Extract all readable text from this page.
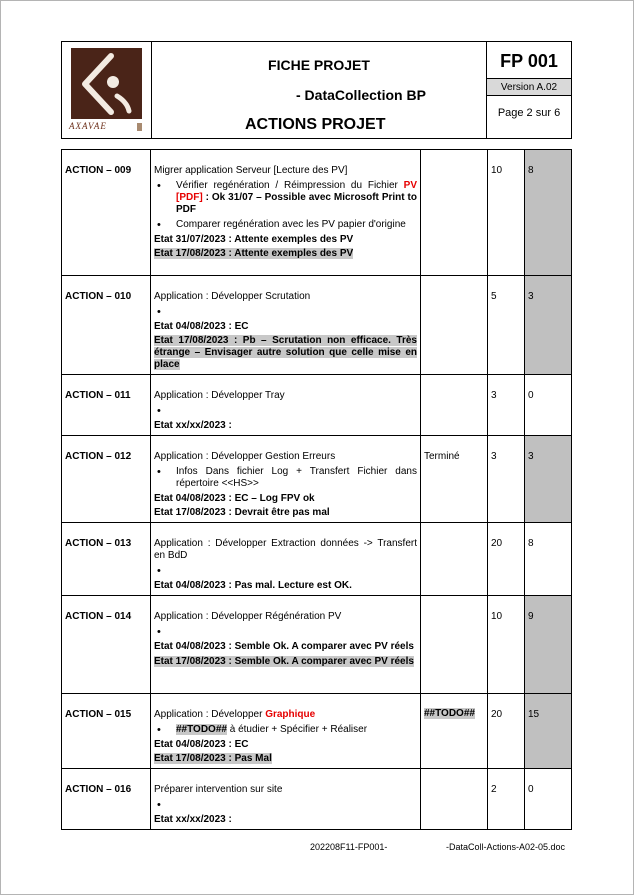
AXAVAE
FICHE PROJET
- DataCollection BP
ACTIONS PROJET
FP 001
Version A.02
Page 2 sur 6
ACTION – 009	Migrer application Serveur [Lecture des PV]
• Vérifier regénération / Réimpression du Fichier PV [PDF] : Ok 31/07 – Possible avec Microsoft Print to PDF
• Comparer regénération avec les PV papier d'origine
Etat 31/07/2023 : Attente exemples des PV
Etat 17/08/2023 : Attente exemples des PV		10	8
ACTION – 010	Application : Développer Scrutation
•
Etat 04/08/2023 : EC
Etat 17/08/2023 : Pb – Scrutation non efficace. Très étrange – Envisager autre solution que celle mise en place		5	3
ACTION – 011	Application : Développer Tray
•
Etat xx/xx/2023 :		3	0
ACTION – 012	Application : Développer Gestion Erreurs
• Infos Dans fichier Log + Transfert Fichier dans répertoire <<HS>>
Etat 04/08/2023 : EC – Log FPV ok
Etat 17/08/2023 : Devrait être pas mal	Terminé	3	3
ACTION – 013	Application : Développer Extraction données -> Transfert en BdD
•
Etat 04/08/2023 : Pas mal. Lecture est OK.		20	8
ACTION – 014	Application : Développer Régénération PV
•
Etat 04/08/2023 : Semble Ok. A comparer avec PV réels
Etat 17/08/2023 : Semble Ok. A comparer avec PV réels		10	9
ACTION – 015	Application : Développer Graphique
• ##TODO## à étudier + Spécifier + Réaliser
Etat 04/08/2023 : EC
Etat 17/08/2023 : Pas Mal	##TODO##	20	15
ACTION – 016	Préparer intervention sur site
•
Etat xx/xx/2023 :		2	0
202208F11-FP001-	-DataColl-Actions-A02-05.doc
